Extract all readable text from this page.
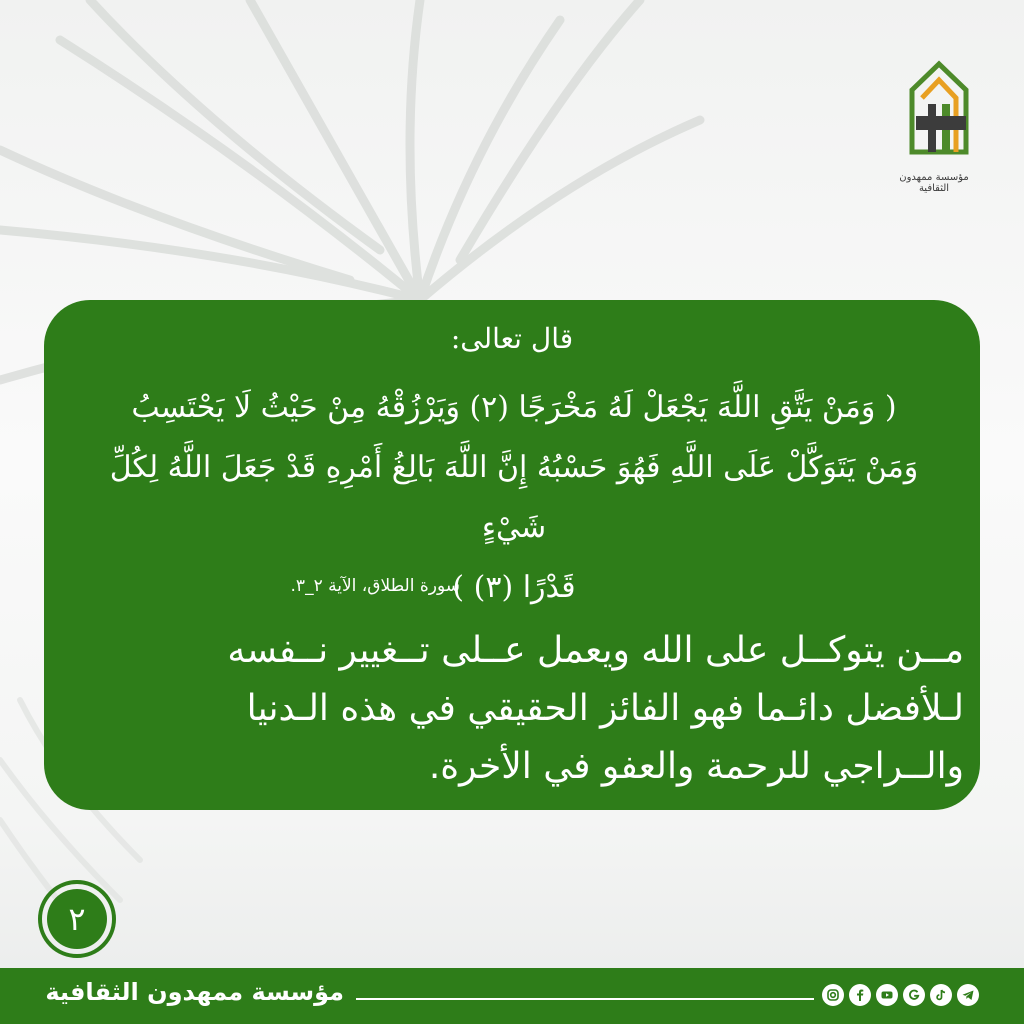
مؤسسة ممهدون الثقافية
قال تعالى:
( وَمَنْ يَتَّقِ اللَّهَ يَجْعَلْ لَهُ مَخْرَجًا (٢) وَيَرْزُقْهُ مِنْ حَيْثُ لَا يَحْتَسِبُ
وَمَنْ يَتَوَكَّلْ عَلَى اللَّهِ فَهُوَ حَسْبُهُ إِنَّ اللَّهَ بَالِغُ أَمْرِهِ قَدْ جَعَلَ اللَّهُ لِكُلِّ شَيْءٍ
قَدْرًا (٣) )
سورة الطلاق، الآية ٢_٣.
مــن يتوكــل على الله ويعمل عــلى تــغيير نــفسه
لـلأفضل دائـما فهو الفائز الحقيقي في هذه الـدنيا
والــراجي للرحمة والعفو في الأخرة.
٢
مؤسسة ممهدون الثقافية
